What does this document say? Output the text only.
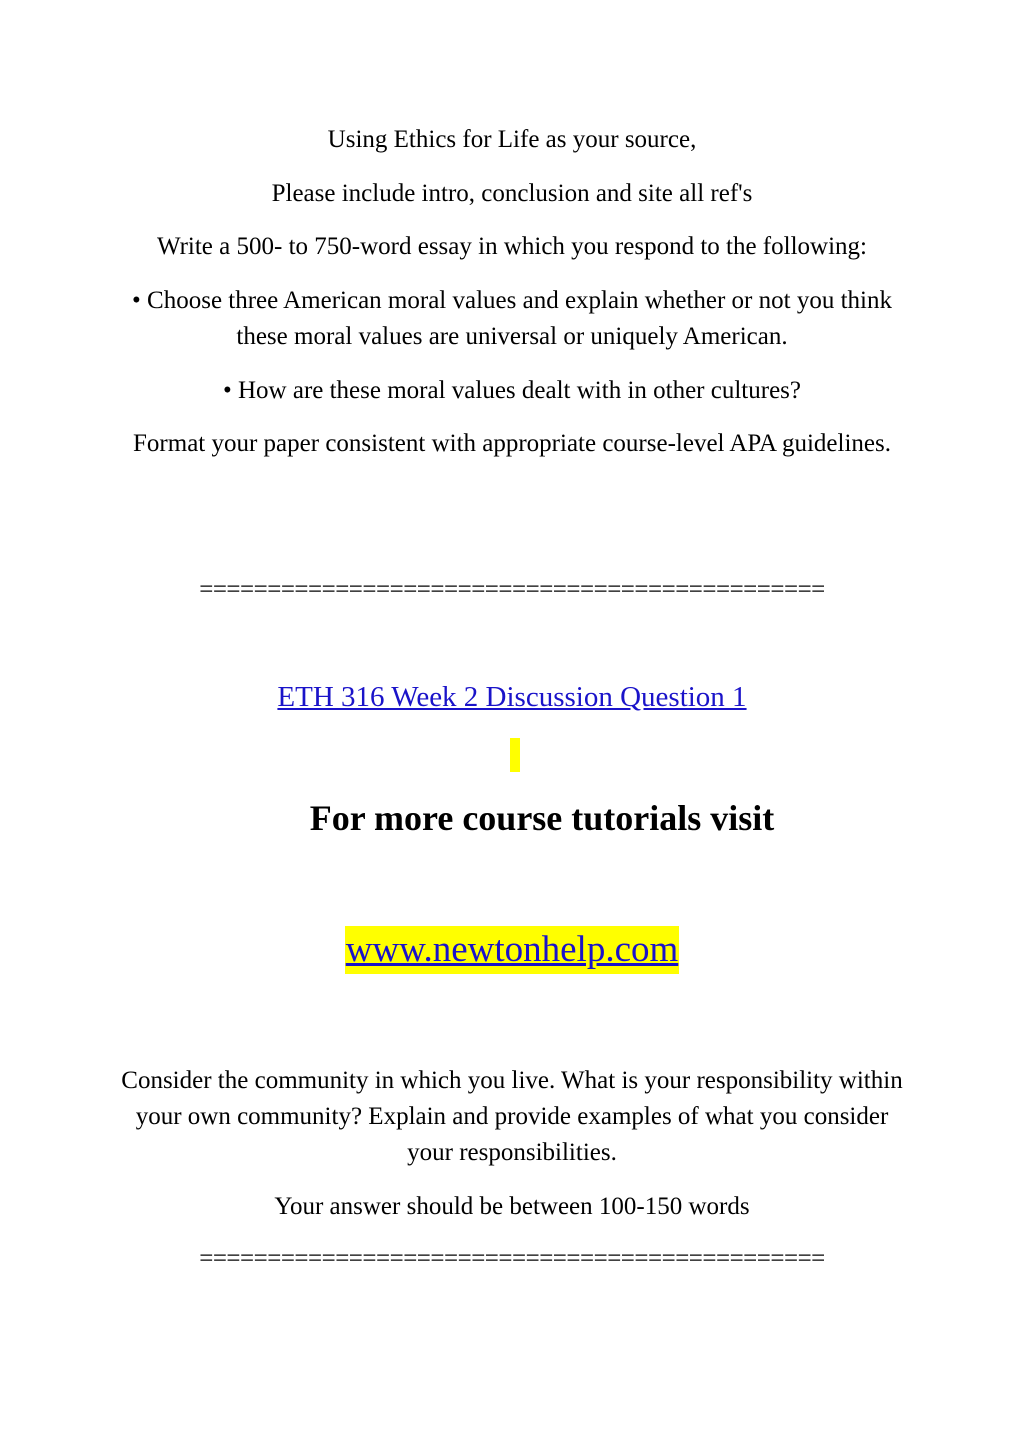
Using Ethics for Life as your source,

Please include intro, conclusion and site all ref's

Write a 500- to 750-word essay in which you respond to the following:

• Choose three American moral values and explain whether or not you think these moral values are universal or uniquely American.

• How are these moral values dealt with in other cultures?

Format your paper consistent with appropriate course-level APA guidelines.

==============================================

ETH 316 Week 2 Discussion Question 1

For more course tutorials visit

www.newtonhelp.com

Consider the community in which you live. What is your responsibility within your own community? Explain and provide examples of what you consider your responsibilities.

Your answer should be between 100-150 words

==============================================
